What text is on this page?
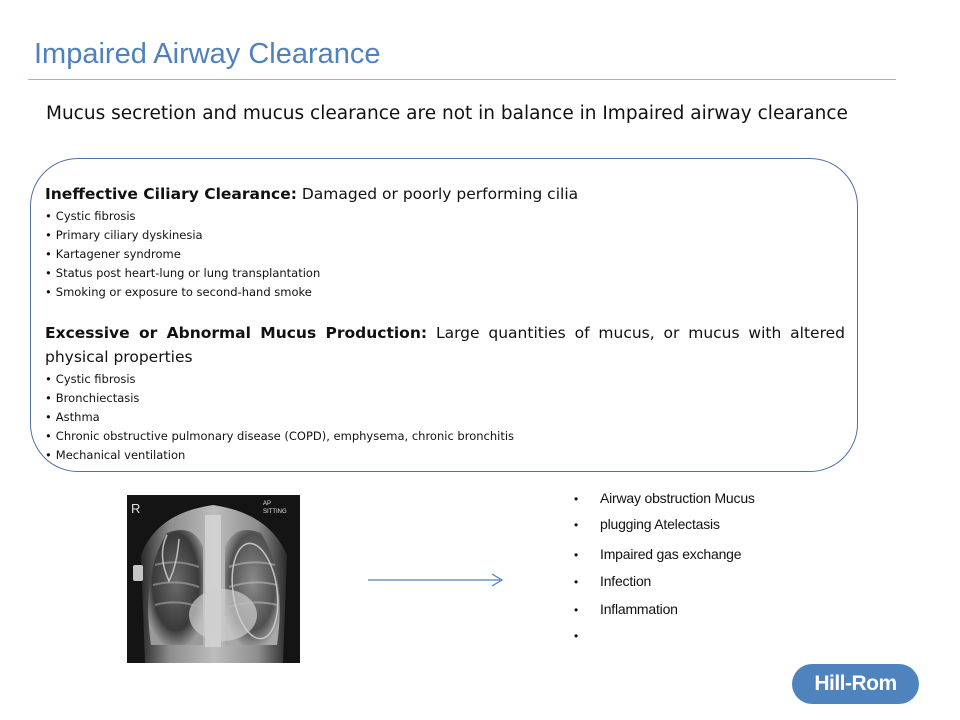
Impaired Airway Clearance
Mucus secretion and mucus clearance are not in balance in Impaired airway clearance

Ineffective Ciliary Clearance: Damaged or poorly performing cilia

• Cystic fibrosis
• Primary ciliary dyskinesia
• Kartagener syndrome
• Status post heart-lung or lung transplantation
• Smoking or exposure to second-hand smoke

Excessive or Abnormal Mucus Production: Large quantities of mucus, or mucus with altered physical properties

• Cystic fibrosis
• Bronchiectasis
• Asthma
• Chronic obstructive pulmonary disease (COPD), emphysema, chronic bronchitis
• Mechanical ventilation
R	AP
SITTING
• Airway obstruction Mucus
• plugging Atelectasis
• Impaired gas exchange
• Infection
• Inflammation
•
Hill-Rom
